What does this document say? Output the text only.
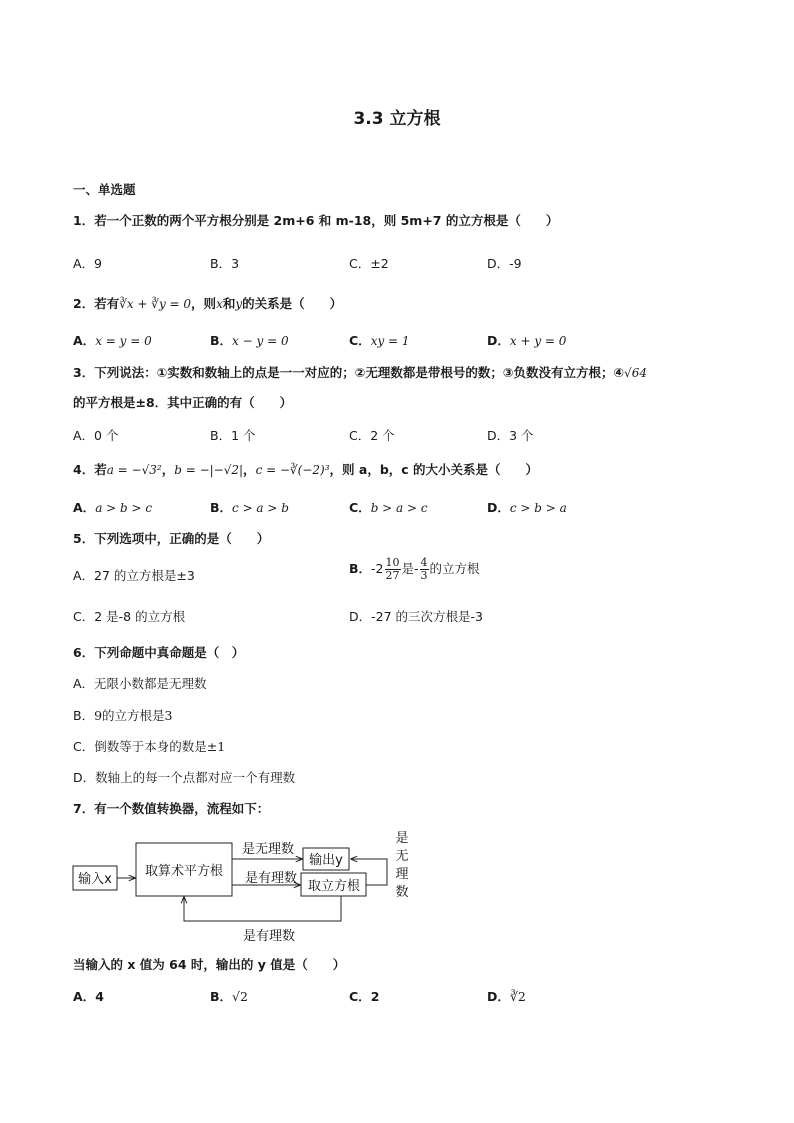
3.3 立方根
一、单选题
1．若一个正数的两个平方根分别是 2m+6 和 m-18，则 5m+7 的立方根是（　　）
A．9	B．3	C．±2	D．-9
2．若有∛x + ∛y = 0，则x和y的关系是（　　）
A．x = y = 0	B．x − y = 0	C．xy = 1	D．x + y = 0
3．下列说法：①实数和数轴上的点是一一对应的；②无理数都是带根号的数；③负数没有立方根；④√64
的平方根是±8．其中正确的有（　　）
A．0 个	B．1 个	C．2 个	D．3 个
4．若a = −√3²，b = −|−√2|，c = −∛(−2)³，则 a，b，c 的大小关系是（　　）
A．a > b > c	B．c > a > b	C．b > a > c	D．c > b > a
5．下列选项中，正确的是（　　）
A．27 的立方根是±3	B．$-2 \frac{10}{27}$ 是- $\frac{4}{3}$ 的立方根
C．2 是-8 的立方根	D．-27 的三次方根是-3
6．下列命题中真命题是（　）
A．无限小数都是无理数
B．9的立方根是3
C．倒数等于本身的数是±1
D．数轴上的每一个点都对应一个有理数
7．有一个数值转换器，流程如下：
输入x
取算术平方根
是无理数
是有理数
输出y
取立方根
是
无
理
数
是有理数
当输入的 x 值为 64 时，输出的 y 值是（　　）
A．4	B．√2	C．2	D．∛2
